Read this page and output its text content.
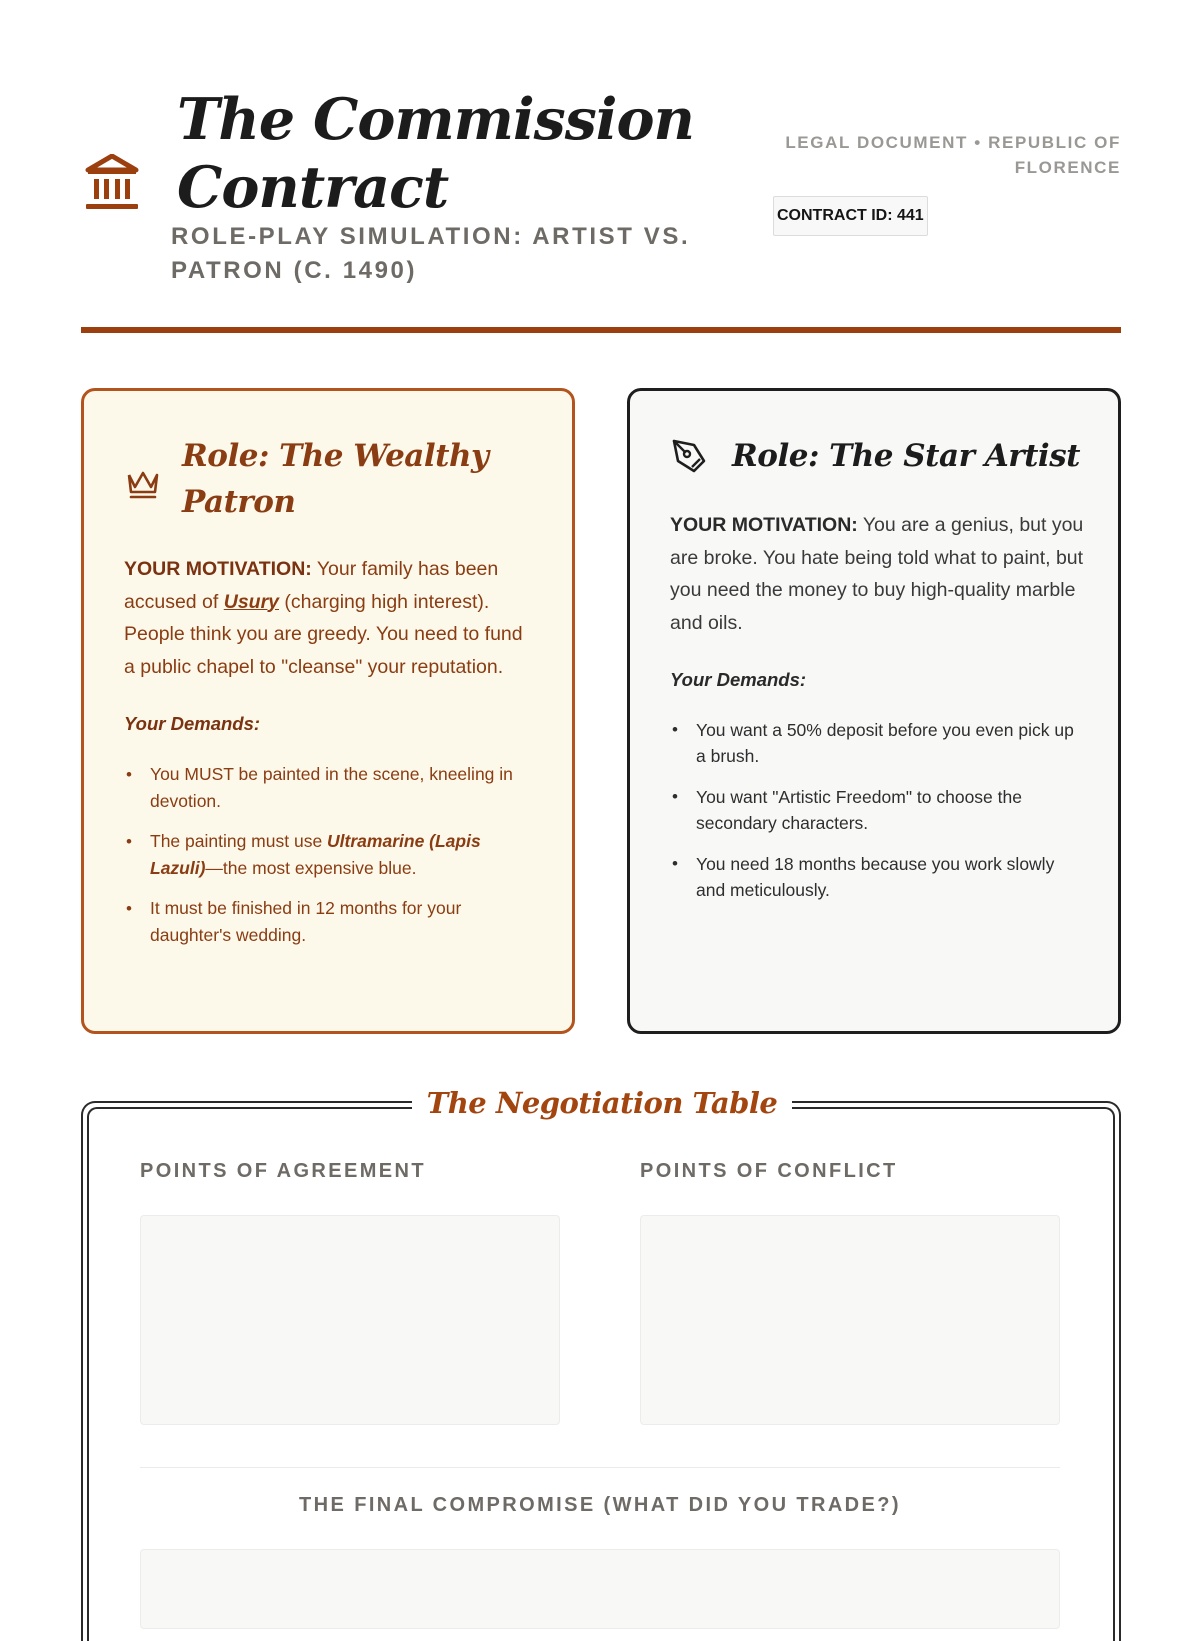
The Commission Contract
ROLE-PLAY SIMULATION: ARTIST VS. PATRON (C. 1490)
LEGAL DOCUMENT • REPUBLIC OF FLORENCE
CONTRACT ID: 441
Role: The Wealthy Patron

YOUR MOTIVATION: Your family has been accused of Usury (charging high interest). People think you are greedy. You need to fund a public chapel to "cleanse" your reputation.

Your Demands:
• You MUST be painted in the scene, kneeling in devotion.
• The painting must use Ultramarine (Lapis Lazuli)—the most expensive blue.
• It must be finished in 12 months for your daughter's wedding.
Role: The Star Artist

YOUR MOTIVATION: You are a genius, but you are broke. You hate being told what to paint, but you need the money to buy high-quality marble and oils.

Your Demands:
• You want a 50% deposit before you even pick up a brush.
• You want "Artistic Freedom" to choose the secondary characters.
• You need 18 months because you work slowly and meticulously.
The Negotiation Table
POINTS OF AGREEMENT	POINTS OF CONFLICT
THE FINAL COMPROMISE (WHAT DID YOU TRADE?)
